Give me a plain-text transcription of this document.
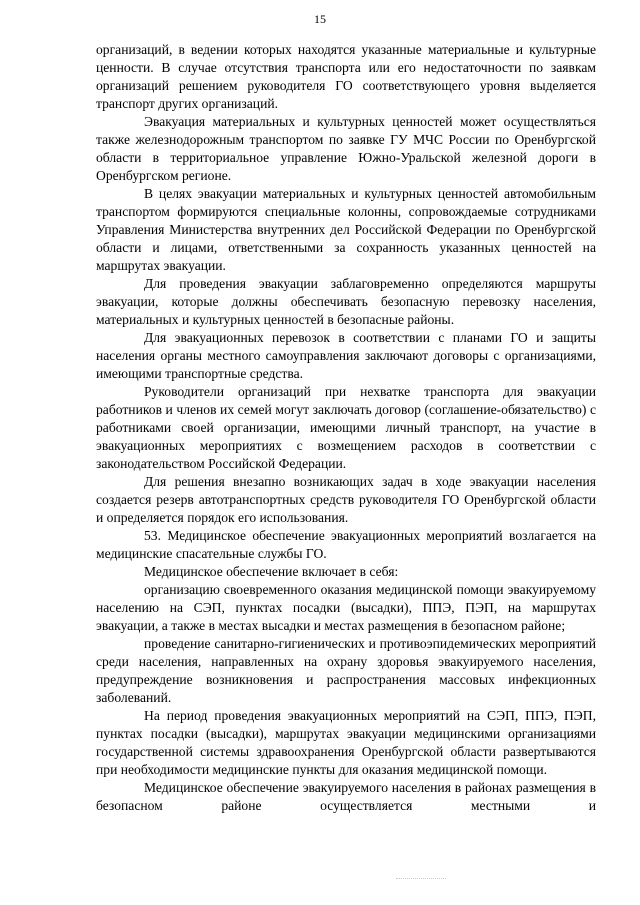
15

организаций, в ведении которых находятся указанные материальные и культурные ценности. В случае отсутствия транспорта или его недостаточности по заявкам организаций решением руководителя ГО соответствующего уровня выделяется транспорт других организаций.

Эвакуация материальных и культурных ценностей может осуществляться также железнодорожным транспортом по заявке ГУ МЧС России по Оренбургской области в территориальное управление Южно-Уральской железной дороги в Оренбургском регионе.

В целях эвакуации материальных и культурных ценностей автомобильным транспортом формируются специальные колонны, сопровождаемые сотрудниками Управления Министерства внутренних дел Российской Федерации по Оренбургской области и лицами, ответственными за сохранность указанных ценностей на маршрутах эвакуации.

Для проведения эвакуации заблаговременно определяются маршруты эвакуации, которые должны обеспечивать безопасную перевозку населения, материальных и культурных ценностей в безопасные районы.

Для эвакуационных перевозок в соответствии с планами ГО и защиты населения органы местного самоуправления заключают договоры с организациями, имеющими транспортные средства.

Руководители организаций при нехватке транспорта для эвакуации работников и членов их семей могут заключать договор (соглашение-обязательство) с работниками своей организации, имеющими личный транспорт, на участие в эвакуационных мероприятиях с возмещением расходов в соответствии с законодательством Российской Федерации.

Для решения внезапно возникающих задач в ходе эвакуации населения создается резерв автотранспортных средств руководителя ГО Оренбургской области и определяется порядок его использования.

53. Медицинское обеспечение эвакуационных мероприятий возлагается на медицинские спасательные службы ГО.

Медицинское обеспечение включает в себя:

организацию своевременного оказания медицинской помощи эвакуируемому населению на СЭП, пунктах посадки (высадки), ППЭ, ПЭП, на маршрутах эвакуации, а также в местах высадки и местах размещения в безопасном районе;

проведение санитарно-гигиенических и противоэпидемических мероприятий среди населения, направленных на охрану здоровья эвакуируемого населения, предупреждение возникновения и распространения массовых инфекционных заболеваний.

На период проведения эвакуационных мероприятий на СЭП, ППЭ, ПЭП, пунктах посадки (высадки), маршрутах эвакуации медицинскими организациями государственной системы здравоохранения Оренбургской области развертываются при необходимости медицинские пункты для оказания медицинской помощи.

Медицинское обеспечение эвакуируемого населения в районах размещения в безопасном районе осуществляется местными и
